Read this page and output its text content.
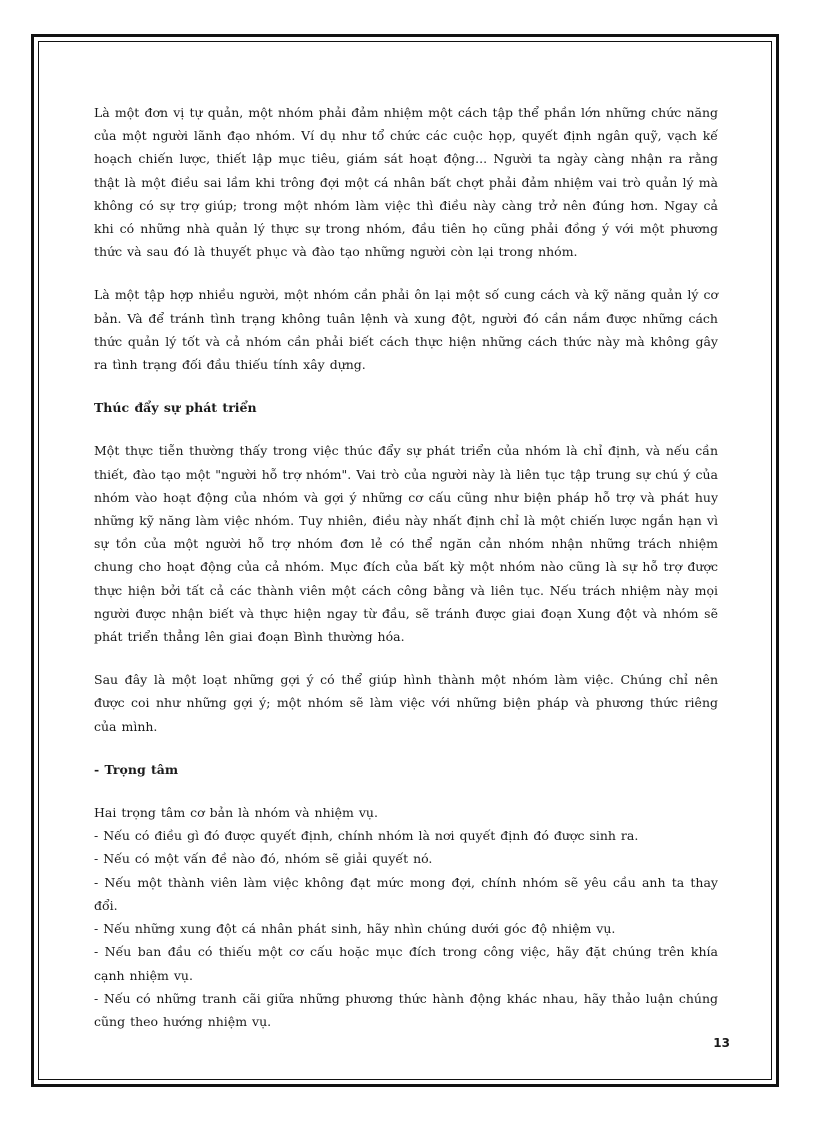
Là một đơn vị tự quản, một nhóm phải đảm nhiệm một cách tập thể phần lớn những chức năng của một người lãnh đạo nhóm. Ví dụ như tổ chức các cuộc họp, quyết định ngân quỹ, vạch kế hoạch chiến lược, thiết lập mục tiêu, giám sát hoạt động... Người ta ngày càng nhận ra rằng thật là một điều sai lầm khi trông đợi một cá nhân bất chợt phải đảm nhiệm vai trò quản lý mà không có sự trợ giúp; trong một nhóm làm việc thì điều này càng trở nên đúng hơn. Ngay cả khi có những nhà quản lý thực sự trong nhóm, đầu tiên họ cũng phải đồng ý với một phương thức và sau đó là thuyết phục và đào tạo những người còn lại trong nhóm.

Là một tập hợp nhiều người, một nhóm cần phải ôn lại một số cung cách và kỹ năng quản lý cơ bản. Và để tránh tình trạng không tuân lệnh và xung đột, người đó cần nắm được những cách thức quản lý tốt và cả nhóm cần phải biết cách thực hiện những cách thức này mà không gây ra tình trạng đối đầu thiếu tính xây dựng.

Thúc đẩy sự phát triển

Một thực tiễn thường thấy trong việc thúc đẩy sự phát triển của nhóm là chỉ định, và nếu cần thiết, đào tạo một "người hỗ trợ nhóm". Vai trò của người này là liên tục tập trung sự chú ý của nhóm vào hoạt động của nhóm và gợi ý những cơ cấu cũng như biện pháp hỗ trợ và phát huy những kỹ năng làm việc nhóm. Tuy nhiên, điều này nhất định chỉ là một chiến lược ngắn hạn vì sự tồn của một người hỗ trợ nhóm đơn lẻ có thể ngăn cản nhóm nhận những trách nhiệm chung cho hoạt động của cả nhóm. Mục đích của bất kỳ một nhóm nào cũng là sự hỗ trợ được thực hiện bởi tất cả các thành viên một cách công bằng và liên tục. Nếu trách nhiệm này mọi người được nhận biết và thực hiện ngay từ đầu, sẽ tránh được giai đoạn Xung đột và nhóm sẽ phát triển thẳng lên giai đoạn Bình thường hóa.

Sau đây là một loạt những gợi ý có thể giúp hình thành một nhóm làm việc. Chúng chỉ nên được coi như những gợi ý; một nhóm sẽ làm việc với những biện pháp và phương thức riêng của mình.

- Trọng tâm
Hai trọng tâm cơ bản là nhóm và nhiệm vụ.
- Nếu có điều gì đó được quyết định, chính nhóm là nơi quyết định đó được sinh ra.
- Nếu có một vấn đề nào đó, nhóm sẽ giải quyết nó.
- Nếu một thành viên làm việc không đạt mức mong đợi, chính nhóm sẽ yêu cầu anh ta thay đổi.
- Nếu những xung đột cá nhân phát sinh, hãy nhìn chúng dưới góc độ nhiệm vụ.
- Nếu ban đầu có thiếu một cơ cấu hoặc mục đích trong công việc, hãy đặt chúng trên khía cạnh nhiệm vụ.
- Nếu có những tranh cãi giữa những phương thức hành động khác nhau, hãy thảo luận chúng cũng theo hướng nhiệm vụ.
13
